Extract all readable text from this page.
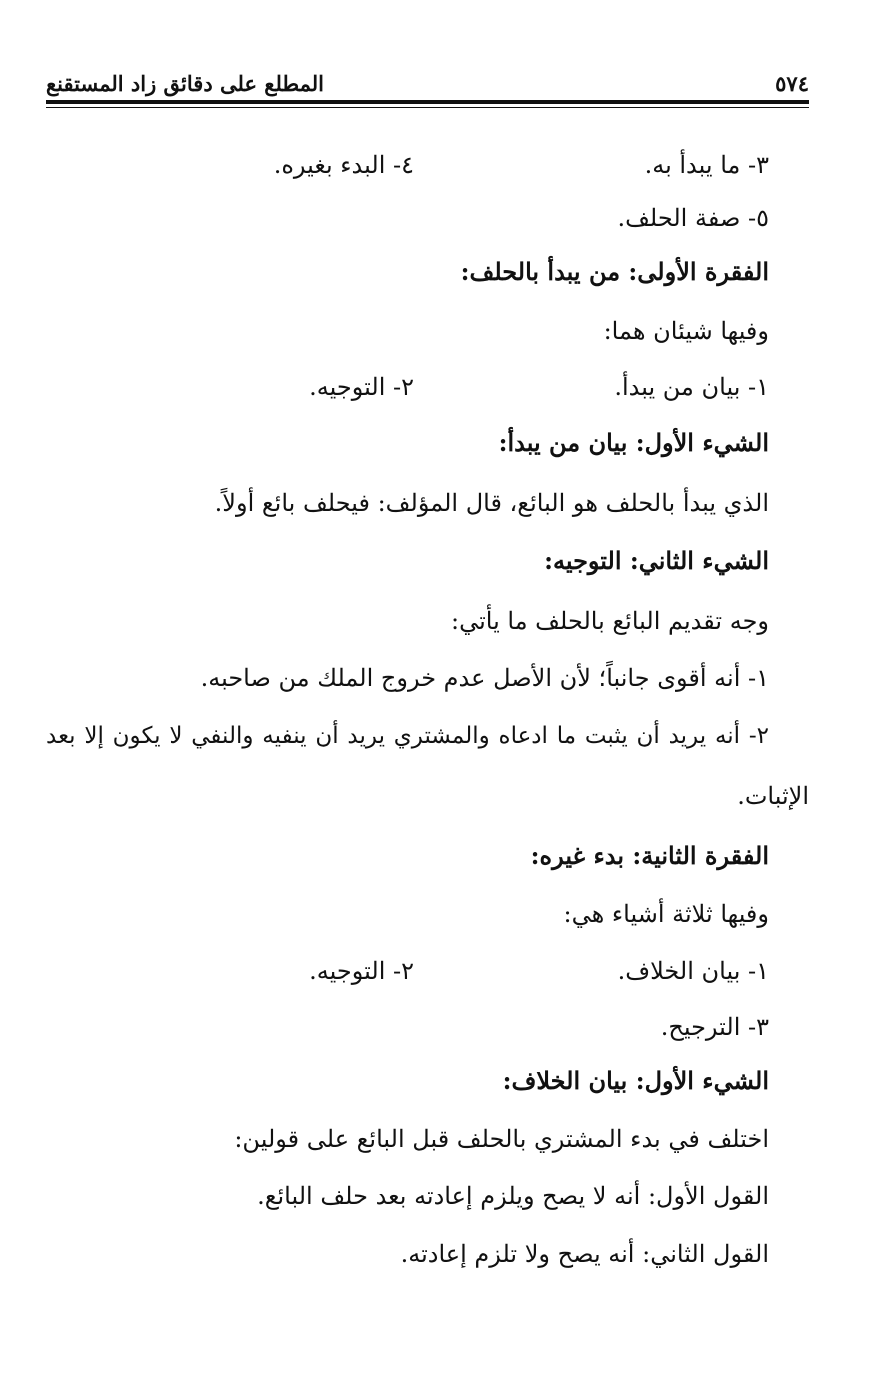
٥٧٤
المطلع على دقائق زاد المستقنع
٣- ما يبدأ به.
٤- البدء بغيره.
٥- صفة الحلف.
الفقرة الأولى: من يبدأ بالحلف:
وفيها شيئان هما:
١- بيان من يبدأ.
٢- التوجيه.
الشيء الأول: بيان من يبدأ:
الذي يبدأ بالحلف هو البائع، قال المؤلف: فيحلف بائع أولاً.
الشيء الثاني: التوجيه:
وجه تقديم البائع بالحلف ما يأتي:
١- أنه أقوى جانباً؛ لأن الأصل عدم خروج الملك من صاحبه.
٢- أنه يريد أن يثبت ما ادعاه والمشتري يريد أن ينفيه والنفي لا يكون إلا بعد
الإثبات.
الفقرة الثانية: بدء غيره:
وفيها ثلاثة أشياء هي:
١- بيان الخلاف.
٢- التوجيه.
٣- الترجيح.
الشيء الأول: بيان الخلاف:
اختلف في بدء المشتري بالحلف قبل البائع على قولين:
القول الأول: أنه لا يصح ويلزم إعادته بعد حلف البائع.
القول الثاني: أنه يصح ولا تلزم إعادته.
